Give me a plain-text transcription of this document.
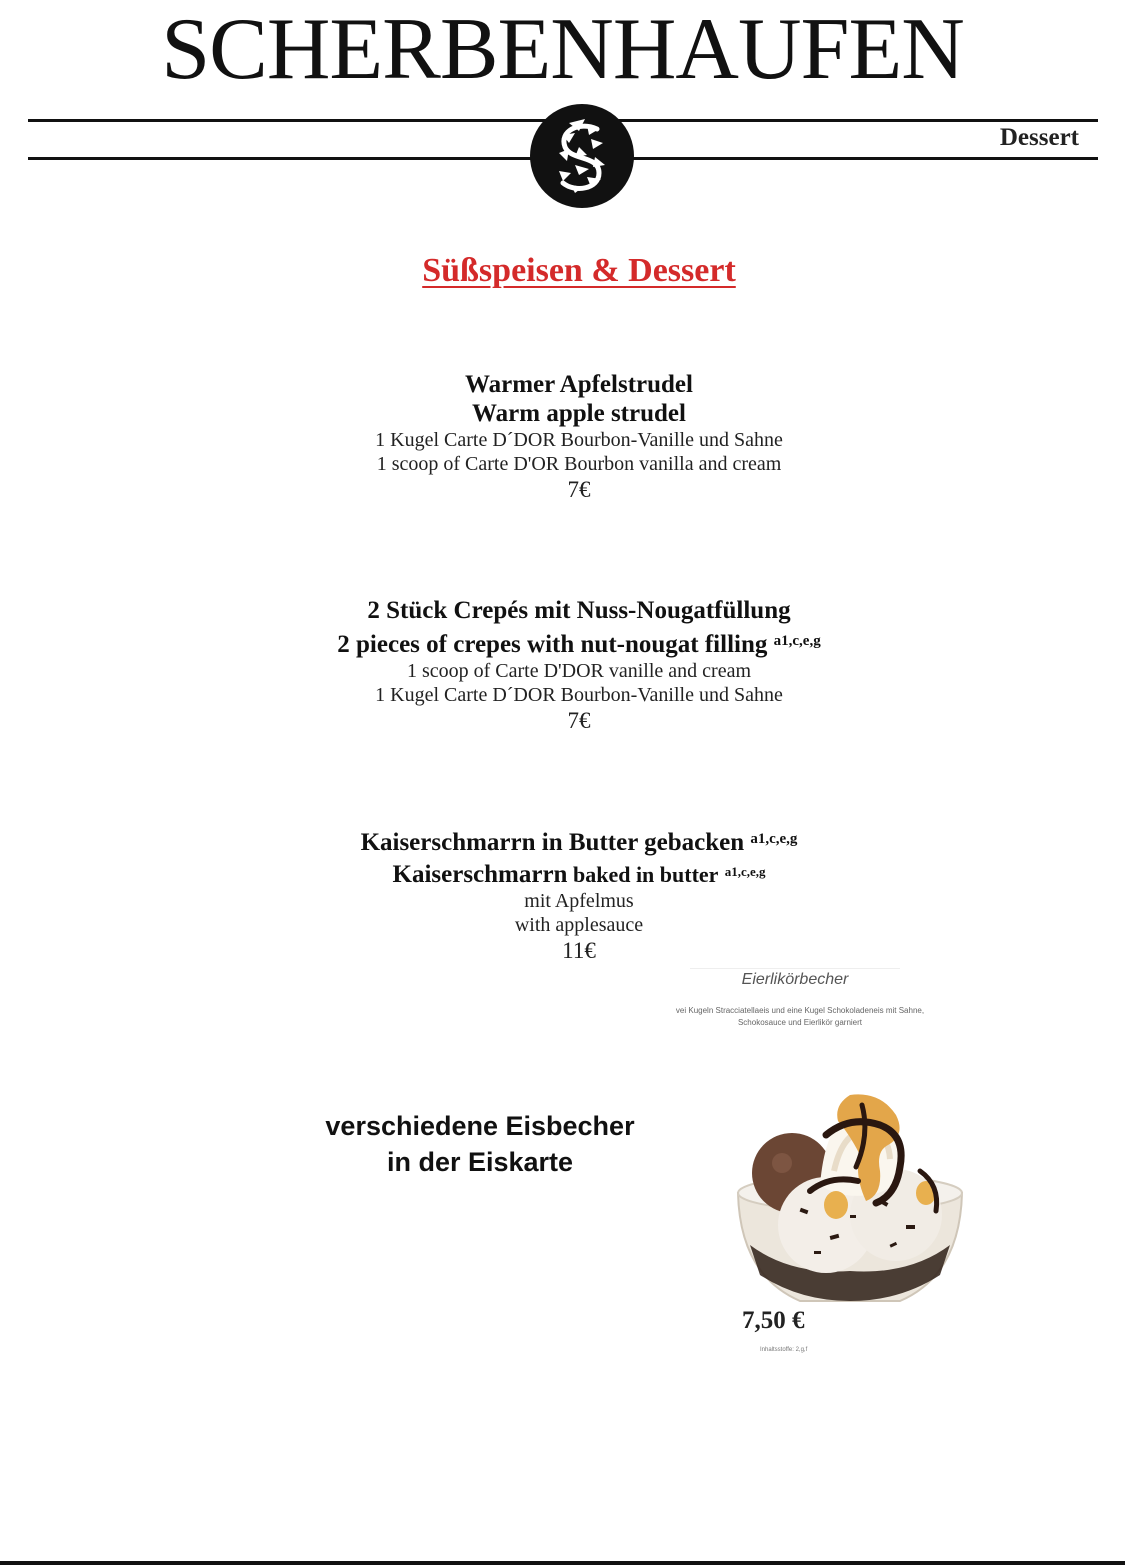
SCHERBENHAUFEN
Dessert
Süßspeisen & Dessert
Warmer Apfelstrudel
Warm apple strudel
1 Kugel Carte D´DOR Bourbon-Vanille und Sahne
1 scoop of Carte D'OR Bourbon vanilla and cream
7€
2 Stück Crepés mit Nuss-Nougatfüllung
2 pieces of crepes with nut-nougat filling $^{a1,c,e,g}$
1 scoop of Carte D'DOR vanille and cream
1 Kugel Carte D´DOR Bourbon-Vanille und Sahne
7€
Kaiserschmarrn in Butter gebacken $^{a1,c,e,g}$
Kaiserschmarrn baked in butter $^{a1,c,e,g}$
mit Apfelmus
with applesauce
11€
verschiedene Eisbecher
in der Eiskarte
Eierlikörbecher
vei Kugeln Stracciatellaeis und eine Kugel Schokoladeneis mit Sahne,
Schokosauce und Eierlikör garniert
7,50 €
Inhaltsstoffe: 2,g,f
